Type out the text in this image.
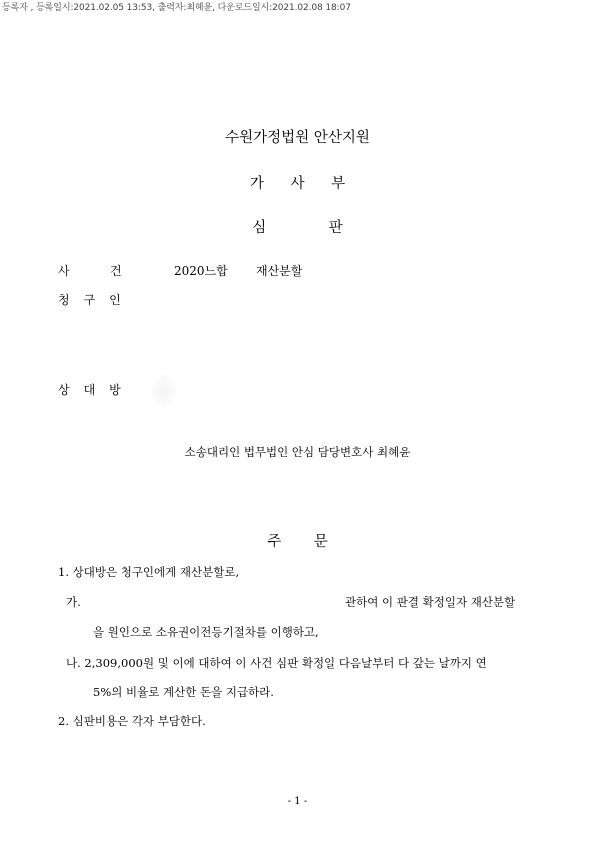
등록자 , 등록일시:2021.02.05 13:53, 출력자:최혜윤, 다운로드일시:2021.02.08 18:07
수원가정법원 안산지원
가 사 부
심 판
사	건	2020느합 재산분할
청구인
상대방
소송대리인 법무법인 안심 담당변호사 최혜윤
주 문
1. 상대방은 청구인에게 재산분할로,
가.	관하여 이 판결 확정일자 재산분할
을 원인으로 소유권이전등기절차를 이행하고,
나. 2,309,000원 및 이에 대하여 이 사건 심판 확정일 다음날부터 다 갚는 날까지 연
5%의 비율로 계산한 돈을 지급하라.
2. 심판비용은 각자 부담한다.
- 1 -
